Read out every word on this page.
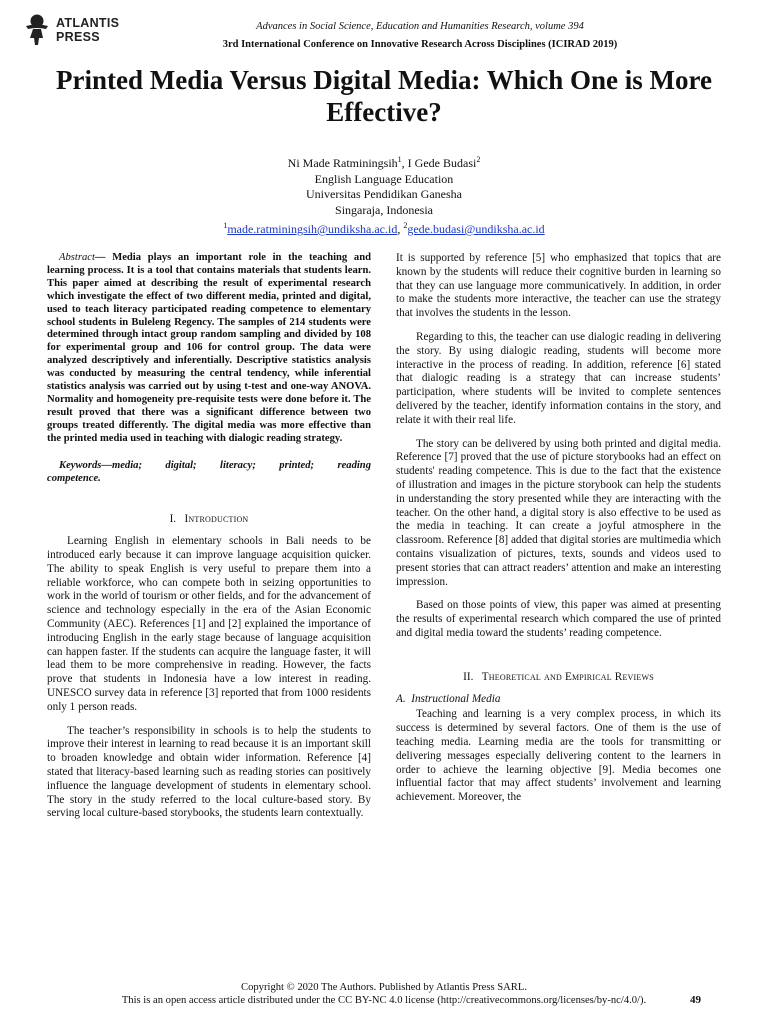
ATLANTIS
PRESS
Advances in Social Science, Education and Humanities Research, volume 394
3rd International Conference on Innovative Research Across Disciplines (ICIRAD 2019)
Printed Media Versus Digital Media: Which One is More Effective?
Ni Made Ratminingsih$^1$, I Gede Budasi$^2$
English Language Education
Universitas Pendidikan Ganesha
Singaraja, Indonesia
$^1$made.ratminingsih@undiksha.ac.id, $^2$gede.budasi@undiksha.ac.id

Abstract— Media plays an important role in the teaching and learning process. It is a tool that contains materials that students learn. This paper aimed at describing the result of experimental research which investigate the effect of two different media, printed and digital, used to teach literacy participated reading competence to elementary school students in Buleleng Regency. The samples of 214 students were determined through intact group random sampling and divided by 108 for experimental group and 106 for control group. The data were analyzed descriptively and inferentially. Descriptive statistics analysis was conducted by measuring the central tendency, while inferential statistics analysis was carried out by using t-test and one-way ANOVA. Normality and homogeneity pre-requisite tests were done before it. The result proved that there was a significant difference between two groups treated differently. The digital media was more effective than the printed media used in teaching with dialogic reading strategy.

Keywords—media; digital; literacy; printed; reading competence.

I. Introduction

Learning English in elementary schools in Bali needs to be introduced early because it can improve language acquisition quicker. The ability to speak English is very useful to prepare them into a reliable workforce, who can compete both in seizing opportunities to work in the world of tourism or other fields, and for the advancement of science and technology especially in the era of the Asian Economic Community (AEC). References [1] and [2] explained the importance of introducing English in the early stage because of language acquisition can happen faster. If the students can acquire the language faster, it will lead them to be more comprehensive in reading. However, the facts prove that students in Indonesia have a low interest in reading. UNESCO survey data in reference [3] reported that from 1000 residents only 1 person reads.

The teacher’s responsibility in schools is to help the students to improve their interest in learning to read because it is an important skill to broaden knowledge and obtain wider information. Reference [4] stated that literacy-based learning such as reading stories can positively influence the language development of students in elementary school. The story in the study referred to the local culture-based story. By serving local culture-based storybooks, the students learn contextually.

It is supported by reference [5] who emphasized that topics that are known by the students will reduce their cognitive burden in learning so that they can use language more communicatively. In addition, in order to make the students more interactive, the teacher can use the strategy that involves the students in the lesson.

Regarding to this, the teacher can use dialogic reading in delivering the story. By using dialogic reading, students will become more interactive in the process of reading. In addition, reference [6] stated that dialogic reading is a strategy that can increase students’ participation, where students will be invited to complete sentences delivered by the teacher, identify information contains in the story, and relate it with their real life.

The story can be delivered by using both printed and digital media. Reference [7] proved that the use of picture storybooks had an effect on students' reading competence. This is due to the fact that the existence of illustration and images in the picture storybook can help the students in understanding the story presented while they are interacting with the teacher. On the other hand, a digital story is also effective to be used as the media in teaching. It can create a joyful atmosphere in the classroom. Reference [8] added that digital stories are multimedia which contains visualization of pictures, texts, sounds and videos used to present stories that can attract readers’ attention and make an interesting impression.

Based on those points of view, this paper was aimed at presenting the results of experimental research which compared the use of printed and digital media toward the students’ reading competence.

II. Theoretical and Empirical Reviews
A. Instructional Media

Teaching and learning is a very complex process, in which its success is determined by several factors. One of them is the use of teaching media. Learning media are the tools for transmitting or delivering messages especially delivering content to the learners in order to achieve the learning objective [9]. Media becomes one influential factor that may affect students’ involvement and learning achievement. Moreover, the

Copyright © 2020 The Authors. Published by Atlantis Press SARL.
This is an open access article distributed under the CC BY-NC 4.0 license (http://creativecommons.org/licenses/by-nc/4.0/).	49
